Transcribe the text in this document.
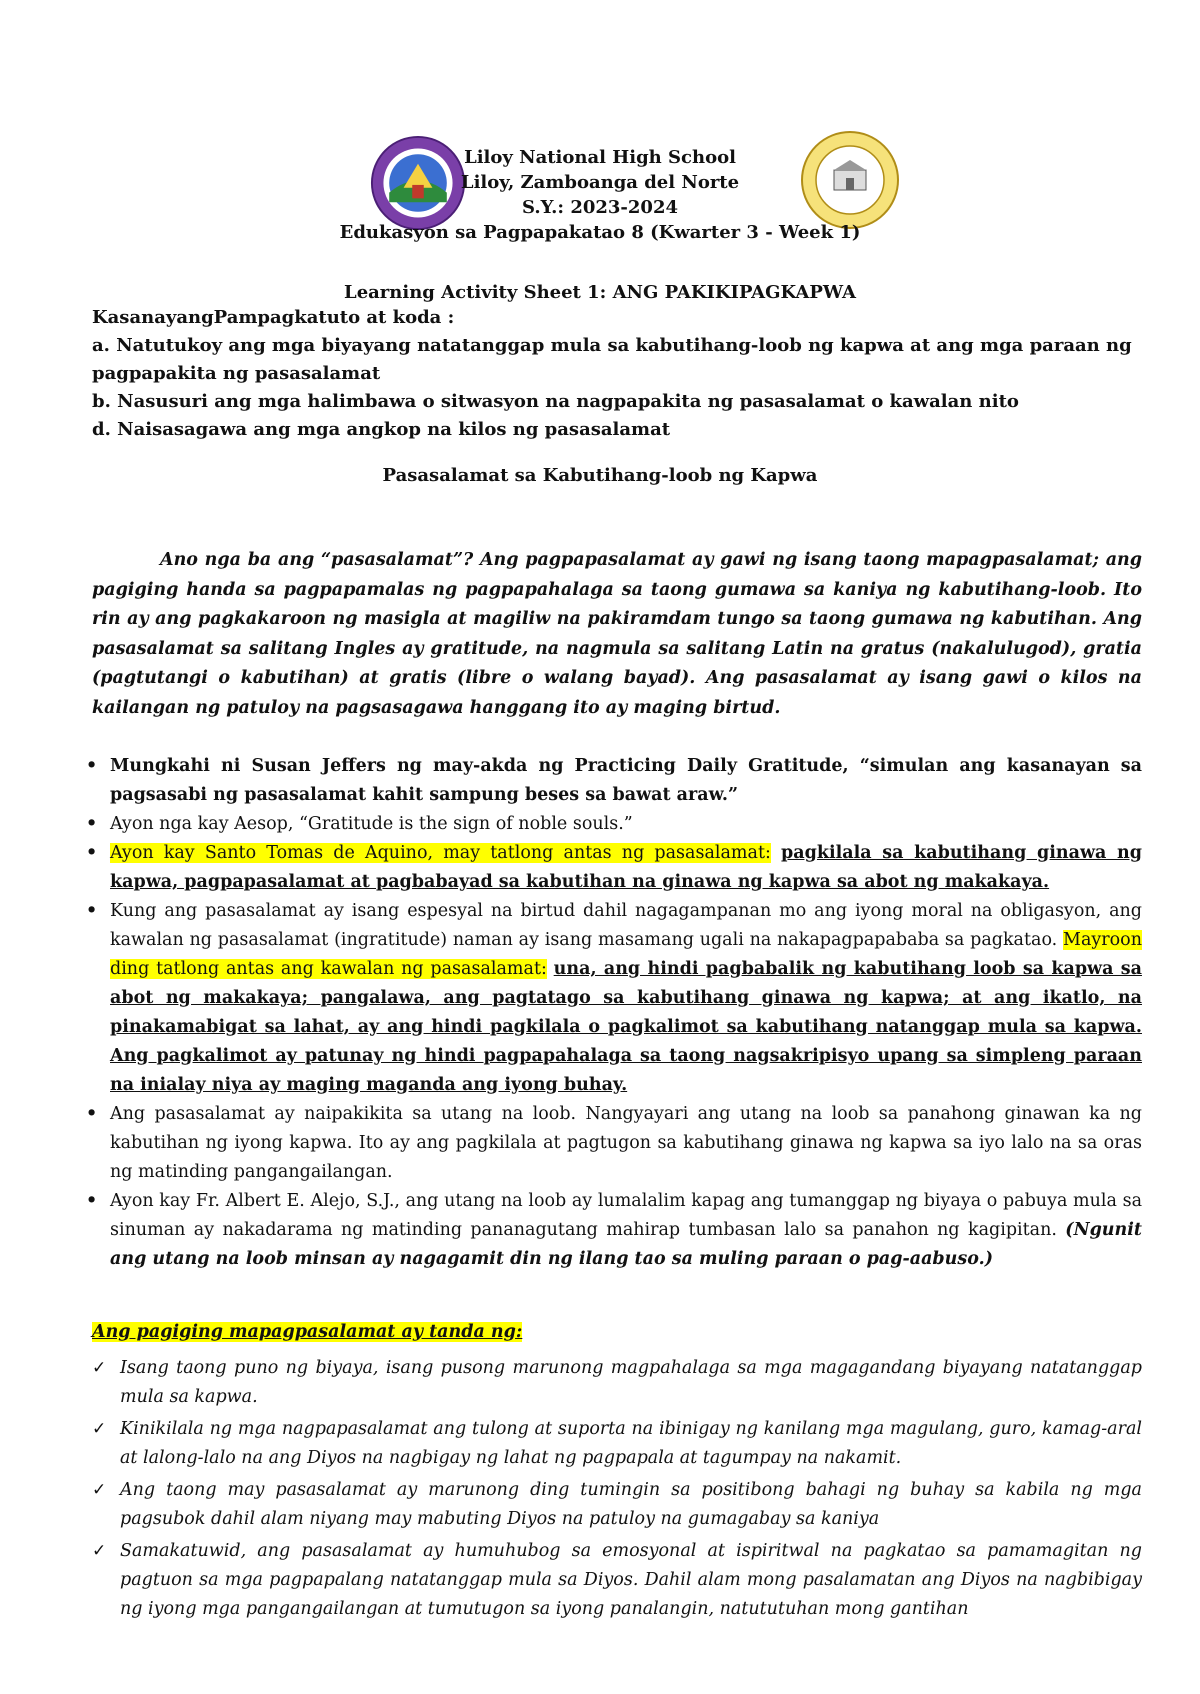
Liloy National High School
Liloy, Zamboanga del Norte
S.Y.: 2023-2024
Edukasyon sa Pagpapakatao 8 (Kwarter 3 - Week 1)
Learning Activity Sheet 1: ANG PAKIKIPAGKAPWA

KasanayangPampagkatuto at koda :

a. Natutukoy ang mga biyayang natatanggap mula sa kabutihang-loob ng kapwa at ang mga paraan ng pagpapakita ng pasasalamat

b. Nasusuri ang mga halimbawa o sitwasyon na nagpapakita ng pasasalamat o kawalan nito

d. Naisasagawa ang mga angkop na kilos ng pasasalamat

Pasasalamat sa Kabutihang-loob ng Kapwa

Ano nga ba ang “pasasalamat”? Ang pagpapasalamat ay gawi ng isang taong mapagpasalamat; ang pagiging handa sa pagpapamalas ng pagpapahalaga sa taong gumawa sa kaniya ng kabutihang-loob. Ito rin ay ang pagkakaroon ng masigla at magiliw na pakiramdam tungo sa taong gumawa ng kabutihan. Ang pasasalamat sa salitang Ingles ay gratitude, na nagmula sa salitang Latin na gratus (nakalulugod), gratia (pagtutangi o kabutihan) at gratis (libre o walang bayad). Ang pasasalamat ay isang gawi o kilos na kailangan ng patuloy na pagsasagawa hanggang ito ay maging birtud.

• Mungkahi ni Susan Jeffers ng may-akda ng Practicing Daily Gratitude, “simulan ang kasanayan sa pagsasabi ng pasasalamat kahit sampung beses sa bawat araw.”
• Ayon nga kay Aesop, “Gratitude is the sign of noble souls.”
• Ayon kay Santo Tomas de Aquino, may tatlong antas ng pasasalamat: pagkilala sa kabutihang ginawa ng kapwa, pagpapasalamat at pagbabayad sa kabutihan na ginawa ng kapwa sa abot ng makakaya.
• Kung ang pasasalamat ay isang espesyal na birtud dahil nagagampanan mo ang iyong moral na obligasyon, ang kawalan ng pasasalamat (ingratitude) naman ay isang masamang ugali na nakapagpapababa sa pagkatao. Mayroon ding tatlong antas ang kawalan ng pasasalamat: una, ang hindi pagbabalik ng kabutihang loob sa kapwa sa abot ng makakaya; pangalawa, ang pagtatago sa kabutihang ginawa ng kapwa; at ang ikatlo, na pinakamabigat sa lahat, ay ang hindi pagkilala o pagkalimot sa kabutihang natanggap mula sa kapwa. Ang pagkalimot ay patunay ng hindi pagpapahalaga sa taong nagsakripisyo upang sa simpleng paraan na inialay niya ay maging maganda ang iyong buhay.
• Ang pasasalamat ay naipakikita sa utang na loob. Nangyayari ang utang na loob sa panahong ginawan ka ng kabutihan ng iyong kapwa. Ito ay ang pagkilala at pagtugon sa kabutihang ginawa ng kapwa sa iyo lalo na sa oras ng matinding pangangailangan.
• Ayon kay Fr. Albert E. Alejo, S.J., ang utang na loob ay lumalalim kapag ang tumanggap ng biyaya o pabuya mula sa sinuman ay nakadarama ng matinding pananagutang mahirap tumbasan lalo sa panahon ng kagipitan. (Ngunit ang utang na loob minsan ay nagagamit din ng ilang tao sa muling paraan o pag-aabuso.)
Ang pagiging mapagpasalamat ay tanda ng:
✓ Isang taong puno ng biyaya, isang pusong marunong magpahalaga sa mga magagandang biyayang natatanggap mula sa kapwa.
✓ Kinikilala ng mga nagpapasalamat ang tulong at suporta na ibinigay ng kanilang mga magulang, guro, kamag-aral at lalong-lalo na ang Diyos na nagbigay ng lahat ng pagpapala at tagumpay na nakamit.
✓ Ang taong may pasasalamat ay marunong ding tumingin sa positibong bahagi ng buhay sa kabila ng mga pagsubok dahil alam niyang may mabuting Diyos na patuloy na gumagabay sa kaniya
✓ Samakatuwid, ang pasasalamat ay humuhubog sa emosyonal at ispiritwal na pagkatao sa pamamagitan ng pagtuon sa mga pagpapalang natatanggap mula sa Diyos. Dahil alam mong pasalamatan ang Diyos na nagbibigay ng iyong mga pangangailangan at tumutugon sa iyong panalangin, natututuhan mong gantihan
